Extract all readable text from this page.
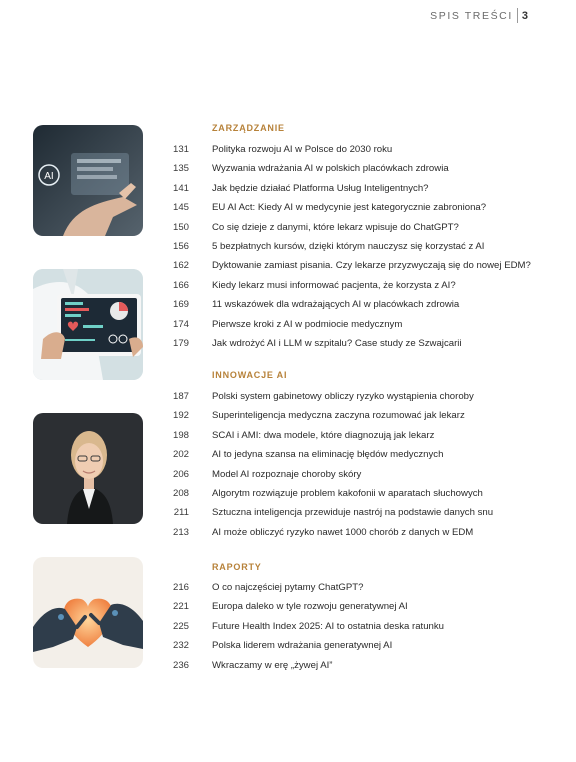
SPIS TREŚCI 3
AI
ZARZĄDZANIE
131 Polityka rozwoju AI w Polsce do 2030 roku
135 Wyzwania wdrażania AI w polskich placówkach zdrowia
141 Jak będzie działać Platforma Usług Inteligentnych?
145 EU AI Act: Kiedy AI w medycynie jest kategorycznie zabroniona?
150 Co się dzieje z danymi, które lekarz wpisuje do ChatGPT?
156 5 bezpłatnych kursów, dzięki którym nauczysz się korzystać z AI
162 Dyktowanie zamiast pisania. Czy lekarze przyzwyczają się do nowej EDM?
166 Kiedy lekarz musi informować pacjenta, że korzysta z AI?
169 11 wskazówek dla wdrażających AI w placówkach zdrowia
174 Pierwsze kroki z AI w podmiocie medycznym
179 Jak wdrożyć AI i LLM w szpitalu? Case study ze Szwajcarii
INNOWACJE AI
187 Polski system gabinetowy obliczy ryzyko wystąpienia choroby
192 Superinteligencja medyczna zaczyna rozumować jak lekarz
198 SCAI i AMI: dwa modele, które diagnozują jak lekarz
202 AI to jedyna szansa na eliminację błędów medycznych
206 Model AI rozpoznaje choroby skóry
208 Algorytm rozwiązuje problem kakofonii w aparatach słuchowych
211 Sztuczna inteligencja przewiduje nastrój na podstawie danych snu
213 AI może obliczyć ryzyko nawet 1000 chorób z danych w EDM
RAPORTY
216 O co najczęściej pytamy ChatGPT?
221 Europa daleko w tyle rozwoju generatywnej AI
225 Future Health Index 2025: AI to ostatnia deska ratunku
232 Polska liderem wdrażania generatywnej AI
236 Wkraczamy w erę „żywej AI”
